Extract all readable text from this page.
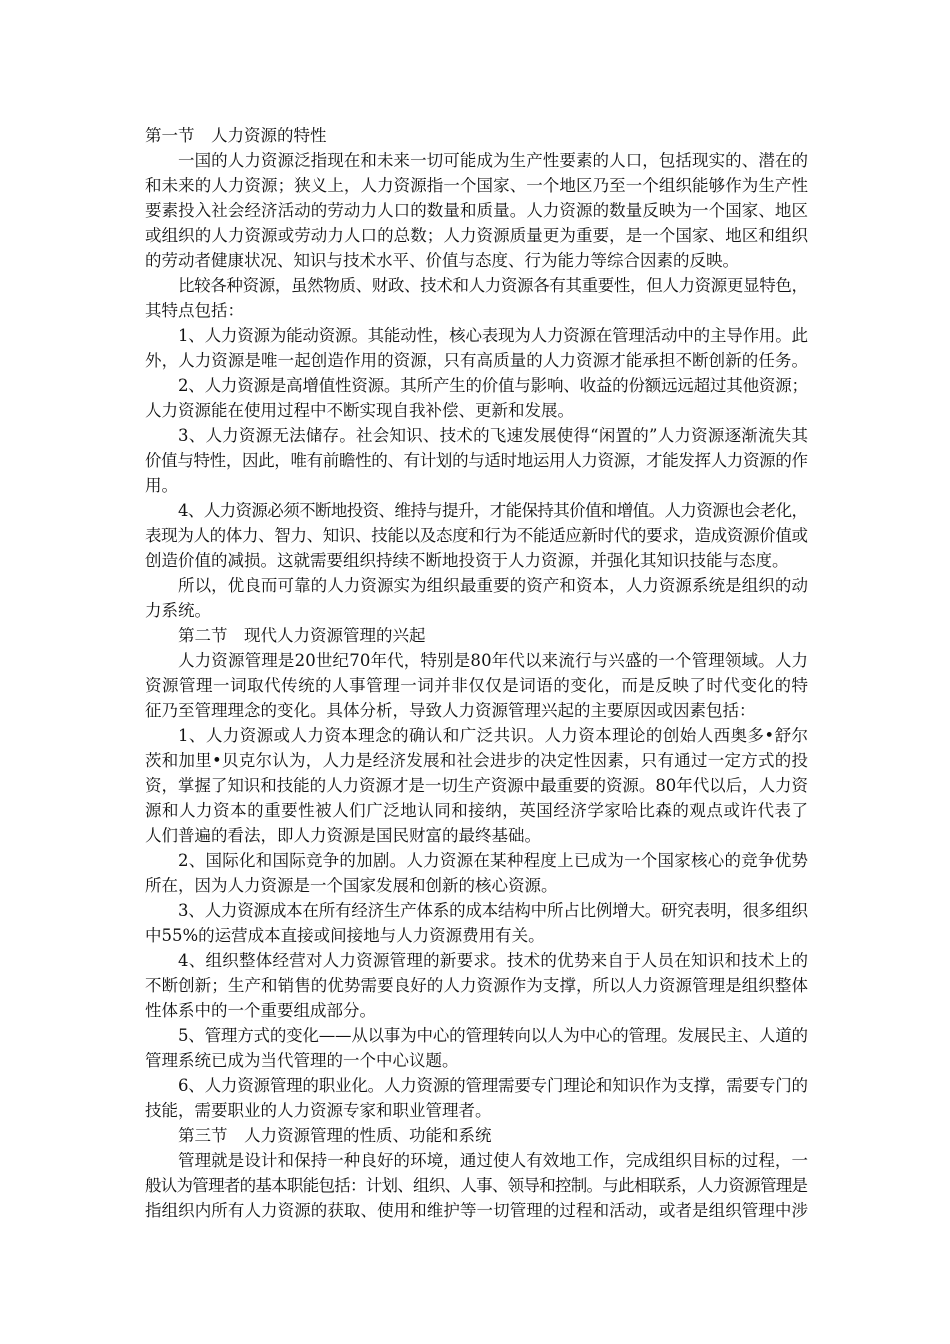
第一节　人力资源的特性
一国的人力资源泛指现在和未来一切可能成为生产性要素的人口，包括现实的、潜在的
和未来的人力资源；狭义上，人力资源指一个国家、一个地区乃至一个组织能够作为生产性
要素投入社会经济活动的劳动力人口的数量和质量。人力资源的数量反映为一个国家、地区
或组织的人力资源或劳动力人口的总数；人力资源质量更为重要，是一个国家、地区和组织
的劳动者健康状况、知识与技术水平、价值与态度、行为能力等综合因素的反映。
比较各种资源，虽然物质、财政、技术和人力资源各有其重要性，但人力资源更显特色，
其特点包括：
1、人力资源为能动资源。其能动性，核心表现为人力资源在管理活动中的主导作用。此
外，人力资源是唯一起创造作用的资源，只有高质量的人力资源才能承担不断创新的任务。
2、人力资源是高增值性资源。其所产生的价值与影响、收益的份额远远超过其他资源；
人力资源能在使用过程中不断实现自我补偿、更新和发展。
3、人力资源无法储存。社会知识、技术的飞速发展使得“闲置的”人力资源逐渐流失其
价值与特性，因此，唯有前瞻性的、有计划的与适时地运用人力资源，才能发挥人力资源的作
用。
4、人力资源必须不断地投资、维持与提升，才能保持其价值和增值。人力资源也会老化，
表现为人的体力、智力、知识、技能以及态度和行为不能适应新时代的要求，造成资源价值或
创造价值的减损。这就需要组织持续不断地投资于人力资源，并强化其知识技能与态度。
所以，优良而可靠的人力资源实为组织最重要的资产和资本，人力资源系统是组织的动
力系统。
第二节　现代人力资源管理的兴起
人力资源管理是20世纪70年代，特别是80年代以来流行与兴盛的一个管理领域。人力
资源管理一词取代传统的人事管理一词并非仅仅是词语的变化，而是反映了时代变化的特
征乃至管理理念的变化。具体分析，导致人力资源管理兴起的主要原因或因素包括：
1、人力资源或人力资本理念的确认和广泛共识。人力资本理论的创始人西奥多•舒尔
茨和加里•贝克尔认为，人力是经济发展和社会进步的决定性因素，只有通过一定方式的投
资，掌握了知识和技能的人力资源才是一切生产资源中最重要的资源。80年代以后，人力资
源和人力资本的重要性被人们广泛地认同和接纳，英国经济学家哈比森的观点或许代表了
人们普遍的看法，即人力资源是国民财富的最终基础。
2、国际化和国际竞争的加剧。人力资源在某种程度上已成为一个国家核心的竞争优势
所在，因为人力资源是一个国家发展和创新的核心资源。
3、人力资源成本在所有经济生产体系的成本结构中所占比例增大。研究表明，很多组织
中55%的运营成本直接或间接地与人力资源费用有关。
4、组织整体经营对人力资源管理的新要求。技术的优势来自于人员在知识和技术上的
不断创新；生产和销售的优势需要良好的人力资源作为支撑，所以人力资源管理是组织整体
性体系中的一个重要组成部分。
5、管理方式的变化——从以事为中心的管理转向以人为中心的管理。发展民主、人道的
管理系统已成为当代管理的一个中心议题。
6、人力资源管理的职业化。人力资源的管理需要专门理论和知识作为支撑，需要专门的
技能，需要职业的人力资源专家和职业管理者。
第三节　人力资源管理的性质、功能和系统
管理就是设计和保持一种良好的环境，通过使人有效地工作，完成组织目标的过程，一
般认为管理者的基本职能包括：计划、组织、人事、领导和控制。与此相联系，人力资源管理是
指组织内所有人力资源的获取、使用和维护等一切管理的过程和活动，或者是组织管理中涉
